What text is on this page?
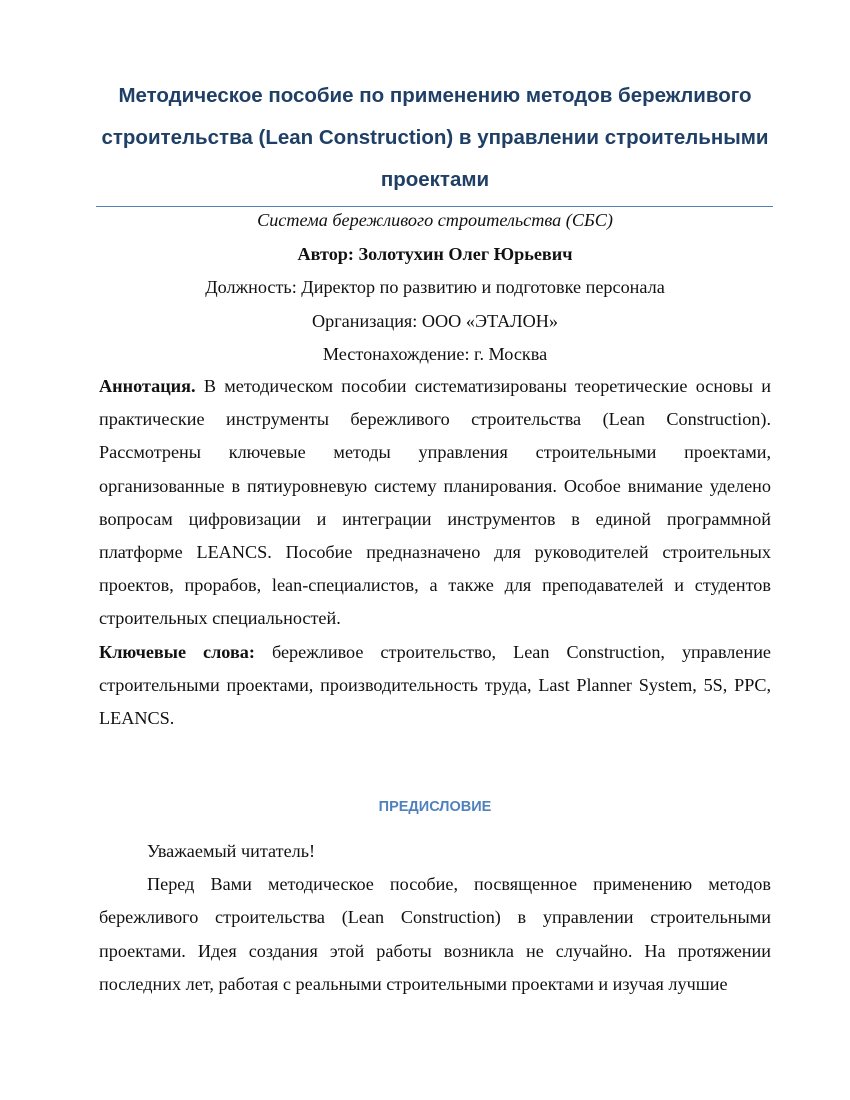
Методическое пособие по применению методов бережливого строительства (Lean Construction) в управлении строительными проектами
Система бережливого строительства (СБС)
Автор: Золотухин Олег Юрьевич
Должность: Директор по развитию и подготовке персонала
Организация: ООО «ЭТАЛОН»
Местонахождение: г. Москва

Аннотация. В методическом пособии систематизированы теоретические основы и практические инструменты бережливого строительства (Lean Construction). Рассмотрены ключевые методы управления строительными проектами, организованные в пятиуровневую систему планирования. Особое внимание уделено вопросам цифровизации и интеграции инструментов в единой программной платформе LEANCS. Пособие предназначено для руководителей строительных проектов, прорабов, lean-специалистов, а также для преподавателей и студентов строительных специальностей.

Ключевые слова: бережливое строительство, Lean Construction, управление строительными проектами, производительность труда, Last Planner System, 5S, PPC, LEANCS.

ПРЕДИСЛОВИЕ

Уважаемый читатель!

Перед Вами методическое пособие, посвященное применению методов бережливого строительства (Lean Construction) в управлении строительными проектами. Идея создания этой работы возникла не случайно. На протяжении последних лет, работая с реальными строительными проектами и изучая лучшие
